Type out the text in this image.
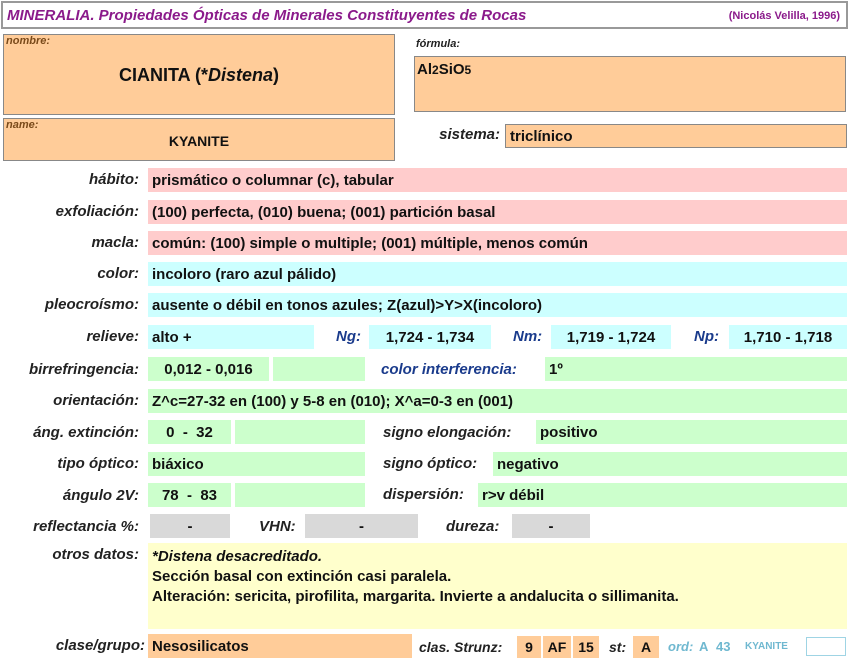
MINERALIA. Propiedades Ópticas de Minerales Constituyentes de Rocas	(Nicolás Velilla, 1996)
nombre:
CIANITA (*Distena)
name:
KYANITE
fórmula:
Al2SiO5
sistema: triclínico
hábito: prismático o columnar (c), tabular
exfoliación: (100) perfecta, (010) buena; (001) partición basal
macla: común: (100) simple o multiple; (001) múltiple, menos común
color: incoloro (raro azul pálido)
pleocroísmo: ausente o débil en tonos azules; Z(azul)>Y>X(incoloro)
relieve: alto +	Ng:	1,724 - 1,734	Nm:	1,719 - 1,724	Np:	1,710 - 1,718
birrefringencia:	0,012 - 0,016	color interferencia: 1º
orientación: Z^c=27-32 en (100) y 5-8 en (010); X^a=0-3 en (001)
áng. extinción:	0  -  32	signo elongación: positivo
tipo óptico: biáxico	signo óptico: negativo
ángulo 2V:	78  -  83	dispersión: r>v débil
reflectancia %:	-	VHN:	-	dureza:	-
otros datos: *Distena desacreditado.
Sección basal con extinción casi paralela.
Alteración: sericita, pirofilita, margarita. Invierte a andalucita o sillimanita.
clase/grupo: Nesosilicatos	clas. Strunz:	9	AF 15	st:	A	ord: A 43 KYANITE
